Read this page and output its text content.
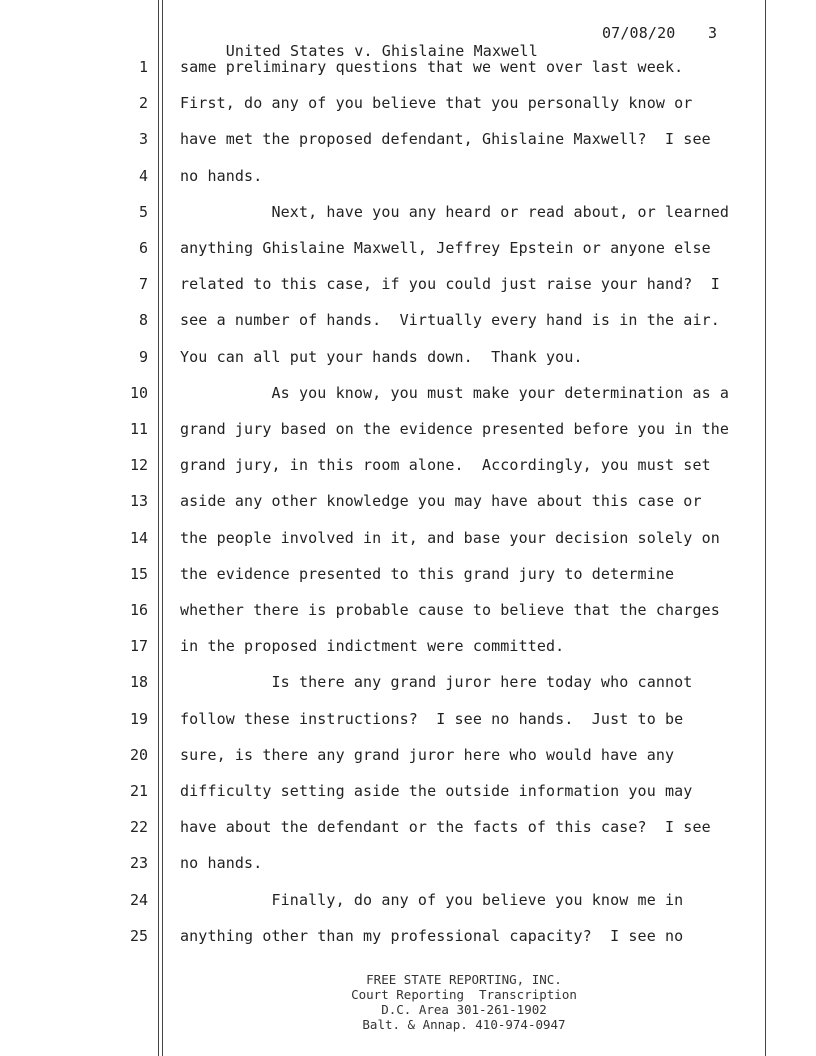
United States v. Ghislaine Maxwell

07/08/20

3

1 same preliminary questions that we went over last week.
2 First, do any of you believe that you personally know or
3 have met the proposed defendant, Ghislaine Maxwell?  I see
4 no hands.
5 Next, have you any heard or read about, or learned
6 anything Ghislaine Maxwell, Jeffrey Epstein or anyone else
7 related to this case, if you could just raise your hand?  I
8 see a number of hands.  Virtually every hand is in the air.
9 You can all put your hands down.  Thank you.
10 As you know, you must make your determination as a
11 grand jury based on the evidence presented before you in the
12 grand jury, in this room alone.  Accordingly, you must set
13 aside any other knowledge you may have about this case or
14 the people involved in it, and base your decision solely on
15 the evidence presented to this grand jury to determine
16 whether there is probable cause to believe that the charges
17 in the proposed indictment were committed.
18 Is there any grand juror here today who cannot
19 follow these instructions?  I see no hands.  Just to be
20 sure, is there any grand juror here who would have any
21 difficulty setting aside the outside information you may
22 have about the defendant or the facts of this case?  I see
23 no hands.
24 Finally, do any of you believe you know me in
25 anything other than my professional capacity?  I see no
FREE STATE REPORTING, INC.
Court Reporting  Transcription
D.C. Area 301-261-1902
Balt. & Annap. 410-974-0947
